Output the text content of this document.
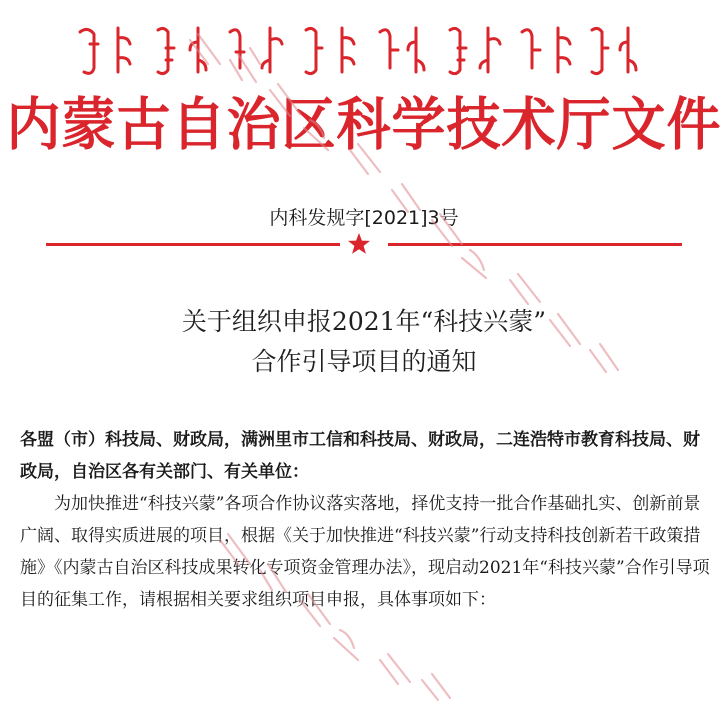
内蒙古自治区科学技术厅文件
内科发规字[2021]3号
关于组织申报2021年“科技兴蒙”
合作引导项目的通知

各盟（市）科技局、财政局，满洲里市工信和科技局、财政局，二连浩特市教育科技局、财政局，自治区各有关部门、有关单位：

为加快推进“科技兴蒙”各项合作协议落实落地，择优支持一批合作基础扎实、创新前景广阔、取得实质进展的项目，根据《关于加快推进“科技兴蒙”行动支持科技创新若干政策措施》《内蒙古自治区科技成果转化专项资金管理办法》，现启动2021年“科技兴蒙”合作引导项目的征集工作，请根据相关要求组织项目申报，具体事项如下：
